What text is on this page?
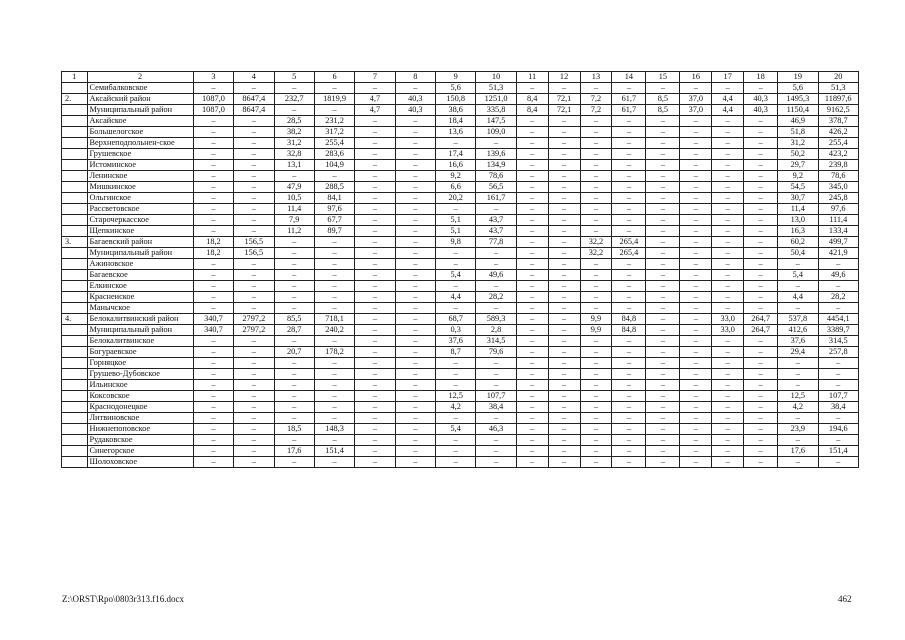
1	2	3	4	5	6	7	8	9	10	11	12	13	14	15	16	17	18	19	20
	Семибалковское	–	–	–	–	–	–	5,6	51,3	–	–	–	–	–	–	–	–	5,6	51,3
2.	Аксайский район	1087,0	8647,4	232,7	1819,9	4,7	40,3	150,8	1251,0	8,4	72,1	7,2	61,7	8,5	37,0	4,4	40,3	1495,3	11897,6
	Муниципальный район	1087,0	8647,4	–	–	4,7	40,3	38,6	335,8	8,4	72,1	7,2	61,7	8,5	37,0	4,4	40,3	1150,4	9162,5
	Аксайское	–	–	28,5	231,2	–	–	18,4	147,5	–	–	–	–	–	–	–	–	46,9	378,7
	Большелогское	–	–	38,2	317,2	–	–	13,6	109,0	–	–	–	–	–	–	–	–	51,8	426,2
	Верхнеподпольнен-ское	–	–	31,2	255,4	–	–	–	–	–	–	–	–	–	–	–	–	31,2	255,4
	Грушевское	–	–	32,8	283,6	–	–	17,4	139,6	–	–	–	–	–	–	–	–	50,2	423,2
	Истоминское	–	–	13,1	104,9	–	–	16,6	134,9	–	–	–	–	–	–	–	–	29,7	239,8
	Ленинское	–	–	–	–	–	–	9,2	78,6	–	–	–	–	–	–	–	–	9,2	78,6
	Мишкинское	–	–	47,9	288,5	–	–	6,6	56,5	–	–	–	–	–	–	–	–	54,5	345,0
	Ольгинское	–	–	10,5	84,1	–	–	20,2	161,7	–	–	–	–	–	–	–	–	30,7	245,8
	Рассветовское	–	–	11,4	97,6	–	–	–	–	–	–	–	–	–	–	–	–	11,4	97,6
	Старочеркасское	–	–	7,9	67,7	–	–	5,1	43,7	–	–	–	–	–	–	–	–	13,0	111,4
	Щепкинское	–	–	11,2	89,7	–	–	5,1	43,7	–	–	–	–	–	–	–	–	16,3	133,4
3.	Багаевский район	18,2	156,5	–	–	–	–	9,8	77,8	–	–	32,2	265,4	–	–	–	–	60,2	499,7
	Муниципальный район	18,2	156,5	–	–	–	–	–	–	–	–	32,2	265,4	–	–	–	–	50,4	421,9
	Ажиновское	–	–	–	–	–	–	–	–	–	–	–	–	–	–	–	–	–	–
	Багаевское	–	–	–	–	–	–	5,4	49,6	–	–	–	–	–	–	–	–	5,4	49,6
	Елкинское	–	–	–	–	–	–	–	–	–	–	–	–	–	–	–	–	–	–
	Краснеиское	–	–	–	–	–	–	4,4	28,2	–	–	–	–	–	–	–	–	4,4	28,2
	Манычское	–	–	–	–	–	–	–	–	–	–	–	–	–	–	–	–	–	–
4.	Белокалитвинский район	340,7	2797,2	85,5	718,1	–	–	68,7	589,3	–	–	9,9	84,8	–	–	33,0	264,7	537,8	4454,1
	Муниципальный район	340,7	2797,2	28,7	240,2	–	–	0,3	2,8	–	–	9,9	84,8	–	–	33,0	264,7	412,6	3389,7
	Белокалитвинское	–	–	–	–	–	–	37,6	314,5	–	–	–	–	–	–	–	–	37,6	314,5
	Богураевское	–	–	20,7	178,2	–	–	8,7	79,6	–	–	–	–	–	–	–	–	29,4	257,8
	Горняцкое	–	–	–	–	–	–	–	–	–	–	–	–	–	–	–	–	–	–
	Грушево-Дубовское	–	–	–	–	–	–	–	–	–	–	–	–	–	–	–	–	–	–
	Ильинское	–	–	–	–	–	–	–	–	–	–	–	–	–	–	–	–	–	–
	Коксовское	–	–	–	–	–	–	12,5	107,7	–	–	–	–	–	–	–	–	12,5	107,7
	Краснодонецкое	–	–	–	–	–	–	4,2	38,4	–	–	–	–	–	–	–	–	4,2	38,4
	Литвиновское	–	–	–	–	–	–	–	–	–	–	–	–	–	–	–	–	–	–
	Нижнепоповское	–	–	18,5	148,3	–	–	5,4	46,3	–	–	–	–	–	–	–	–	23,9	194,6
	Рудаковское	–	–	–	–	–	–	–	–	–	–	–	–	–	–	–	–	–	–
	Синегорское	–	–	17,6	151,4	–	–	–	–	–	–	–	–	–	–	–	–	17,6	151,4
	Шолоховское	–	–	–	–	–	–	–	–	–	–	–	–	–	–	–	–	–	–
Z:\ORST\Rpo\0803r313.f16.docx	462
